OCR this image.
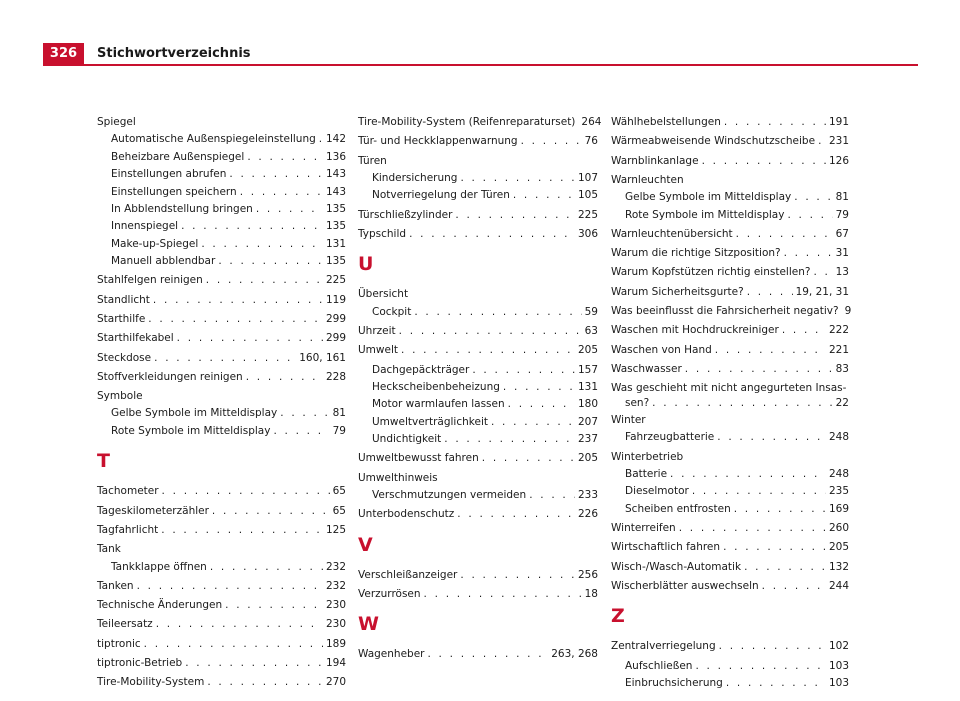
326	Stichwortverzeichnis
Spiegel
Automatische Außenspiegeleinstellung . . . 142
Beheizbare Außenspiegel . . .	136
Einstellungen abrufen . . .	143
Einstellungen speichern . . .	143
In Abblendstellung bringen . . .	135
Innenspiegel . . .	135
Make-up-Spiegel . . .	131
Manuell abblendbar . . .	135
Stahlfelgen reinigen . . .	225
Standlicht . . .	119
Starthilfe . . .	299
Starthilfekabel . . .	299
Steckdose . . .	160, 161
Stoffverkleidungen reinigen . . .	228
Symbole
Gelbe Symbole im Mitteldisplay . . .	81
Rote Symbole im Mitteldisplay . . .	79
T
Tachometer . . .	65
Tageskilometerzähler . . .	65
Tagfahrlicht . . .	125
Tank
Tankklappe öffnen . . .	232
Tanken . . .	232
Technische Änderungen . . .	230
Teileersatz . . .	230
tiptronic . . .	189
tiptronic-Betrieb . . .	194
Tire-Mobility-System . . .	270
Tire-Mobility-System (Reifenreparaturset) 264
Tür- und Heckklappenwarnung . . .	76
Türen
Kindersicherung . . .	107
Notverriegelung der Türen . . .	105
Türschließzylinder . . .	225
Typschild . . .	306
U
Übersicht
Cockpit . . .	59
Uhrzeit . . .	63
Umwelt . . .	205
Dachgepäckträger . . .	157
Heckscheibenbeheizung . . .	131
Motor warmlaufen lassen . . .	180
Umweltverträglichkeit . . .	207
Undichtigkeit . . .	237
Umweltbewusst fahren . . .	205
Umwelthinweis
Verschmutzungen vermeiden . . .	233
Unterbodenschutz . . .	226
V
Verschleißanzeiger . . .	256
Verzurrösen . . .	18
W
Wagenheber . . .	263, 268
Wählhebelstellungen . . .	191
Wärmeabweisende Windschutzscheibe . . . 231
Warnblinkanlage . . .	126
Warnleuchten
Gelbe Symbole im Mitteldisplay . . .	81
Rote Symbole im Mitteldisplay . . .	79
Warnleuchtenübersicht . . .	67
Warum die richtige Sitzposition? . . .	31
Warum Kopfstützen richtig einstellen? . . . 13
Warum Sicherheitsgurte? . . .	19, 21, 31
Was beeinflusst die Fahrsicherheit negativ? 9
Waschen mit Hochdruckreiniger . . .	222
Waschen von Hand . . .	221
Waschwasser . . .	83
Was geschieht mit nicht angegurteten Insas-
sen? . . .	22
Winter
Fahrzeugbatterie . . .	248
Winterbetrieb
Batterie . . .	248
Dieselmotor . . .	235
Scheiben entfrosten . . .	169
Winterreifen . . .	260
Wirtschaftlich fahren . . .	205
Wisch-/Wasch-Automatik . . .	132
Wischerblätter auswechseln . . .	244
Z
Zentralverriegelung . . .	102
Aufschließen . . .	103
Einbruchsicherung . . .	103
